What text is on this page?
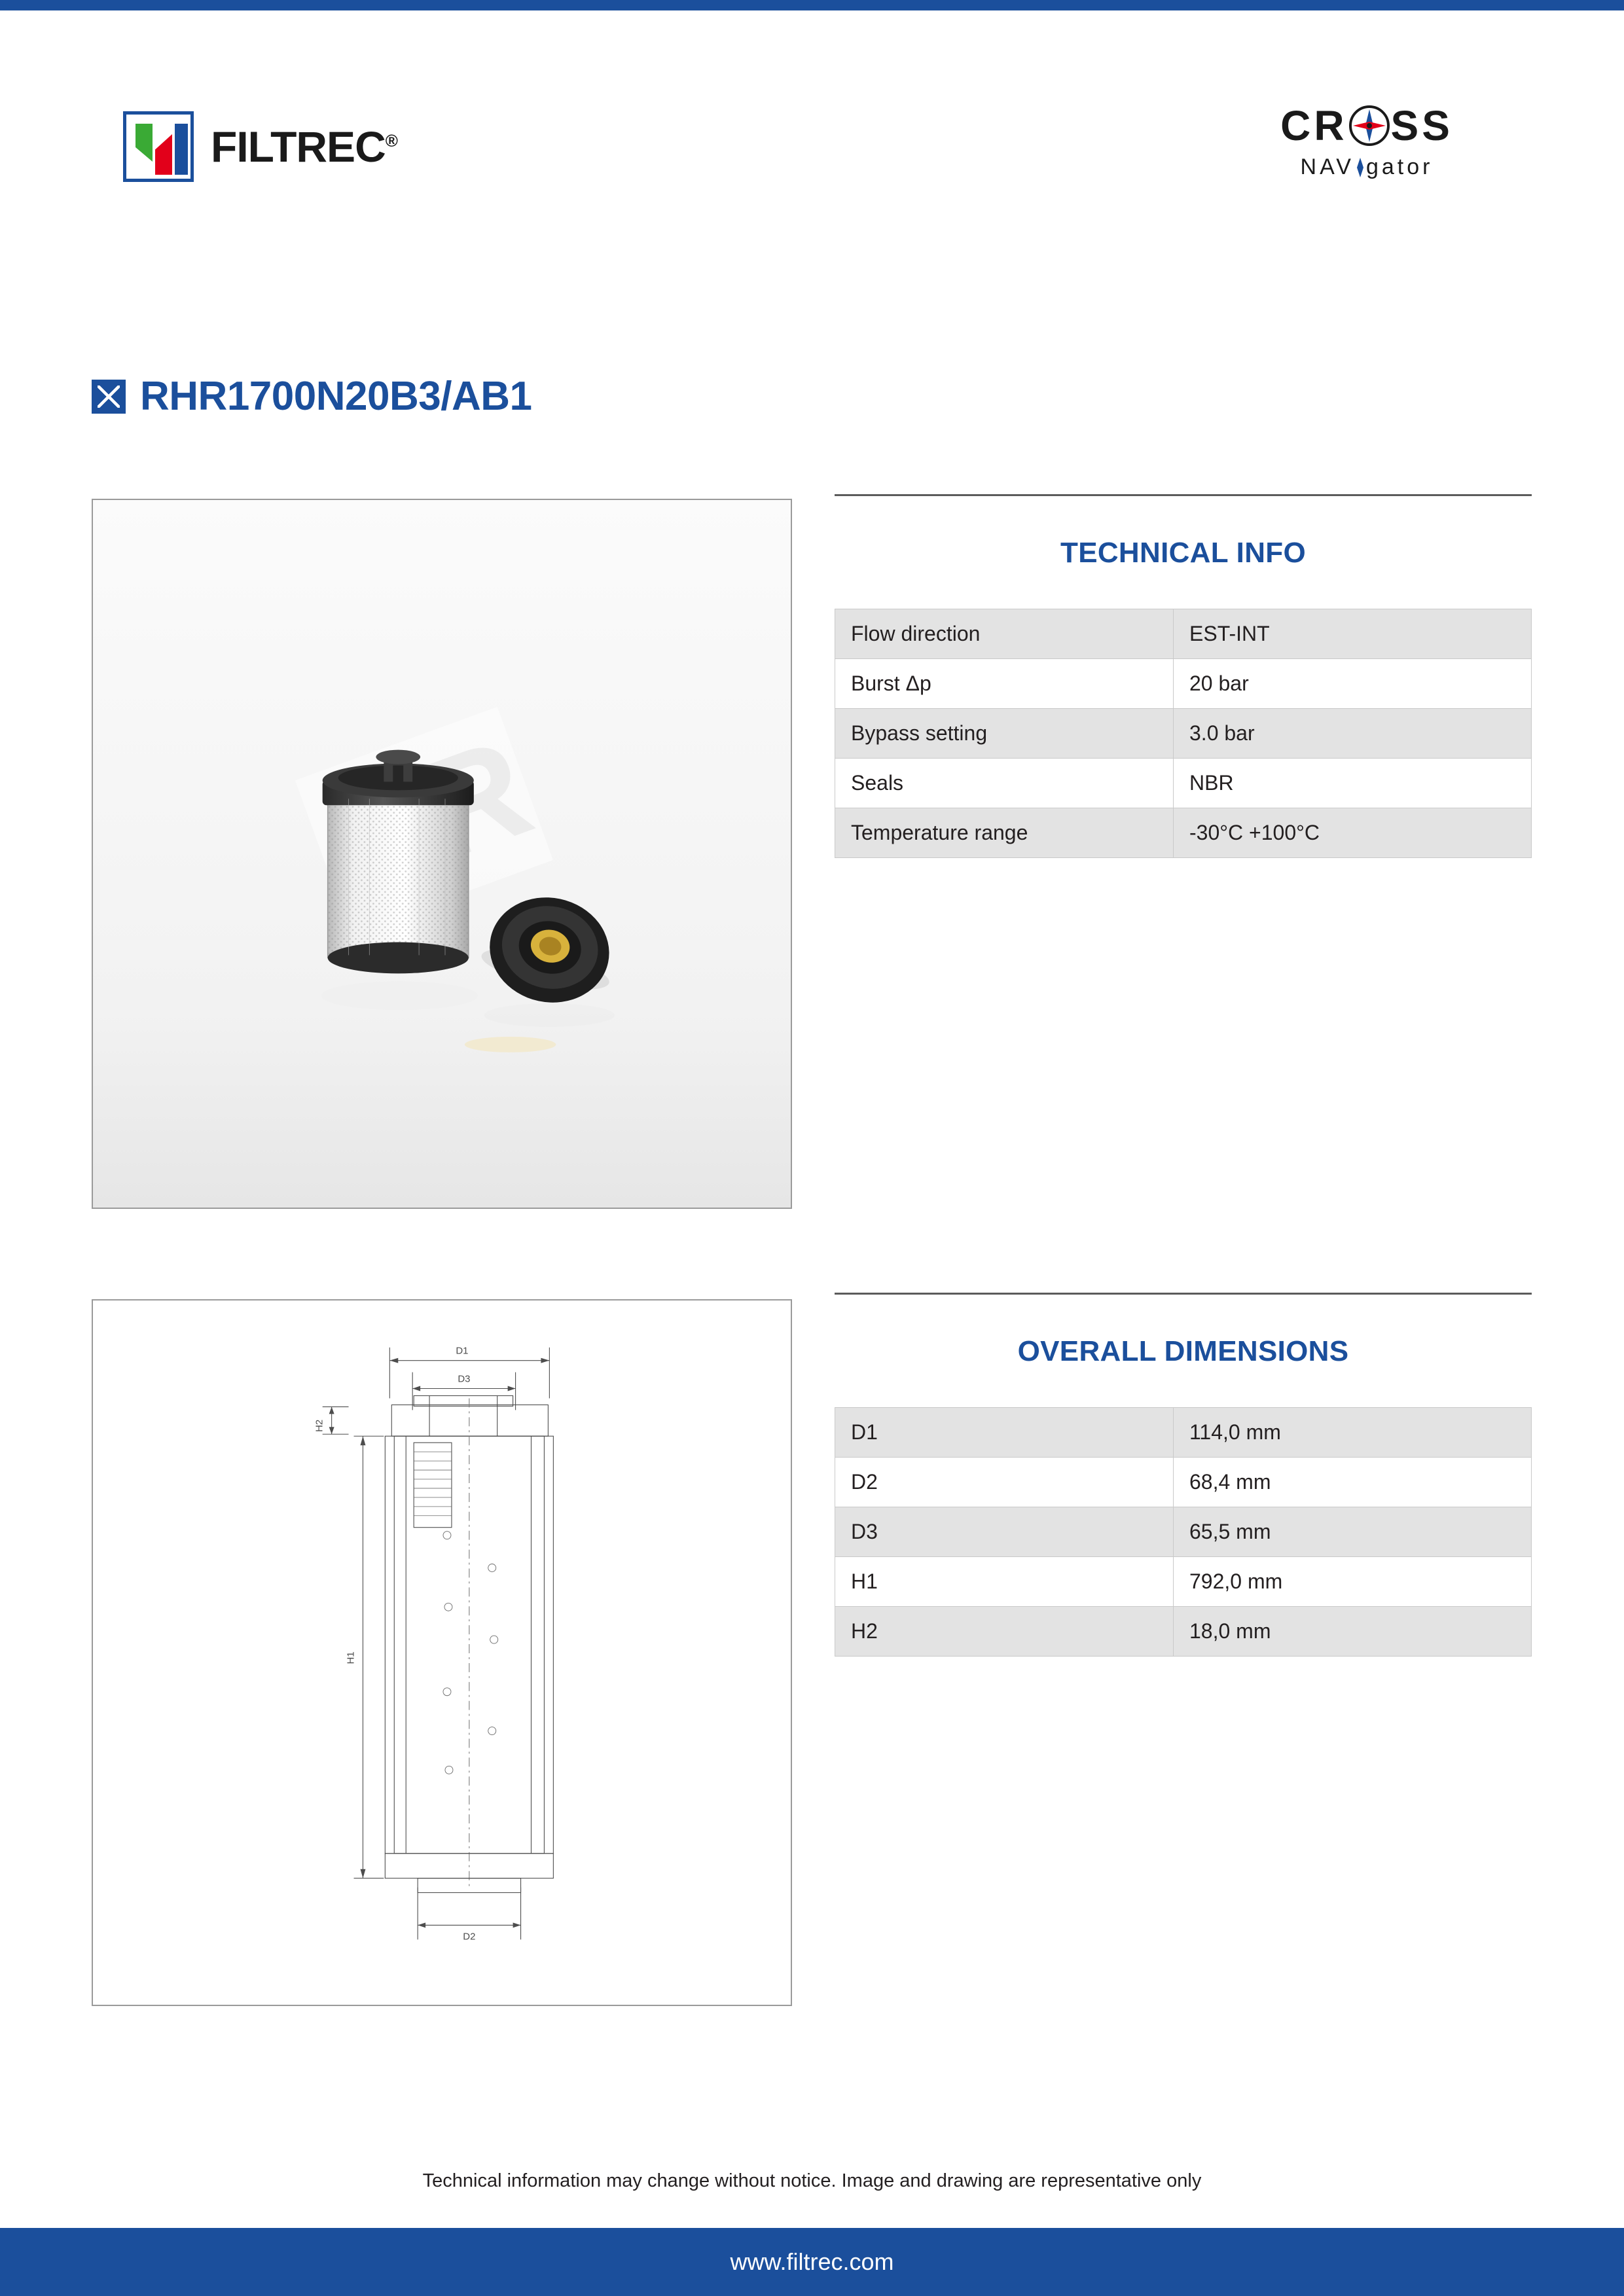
FILTREC®	CR SS
NAV gator
RHR1700N20B3/AB1
D1
D3
H2
H1
D2
TECHNICAL INFO
Flow direction	EST-INT
Burst Δp	20 bar
Bypass setting	3.0 bar
Seals	NBR
Temperature range	-30°C +100°C
OVERALL DIMENSIONS
D1	114,0 mm
D2	68,4 mm
D3	65,5 mm
H1	792,0 mm
H2	18,0 mm
Technical information may change without notice. Image and drawing are representative only
www.filtrec.com
